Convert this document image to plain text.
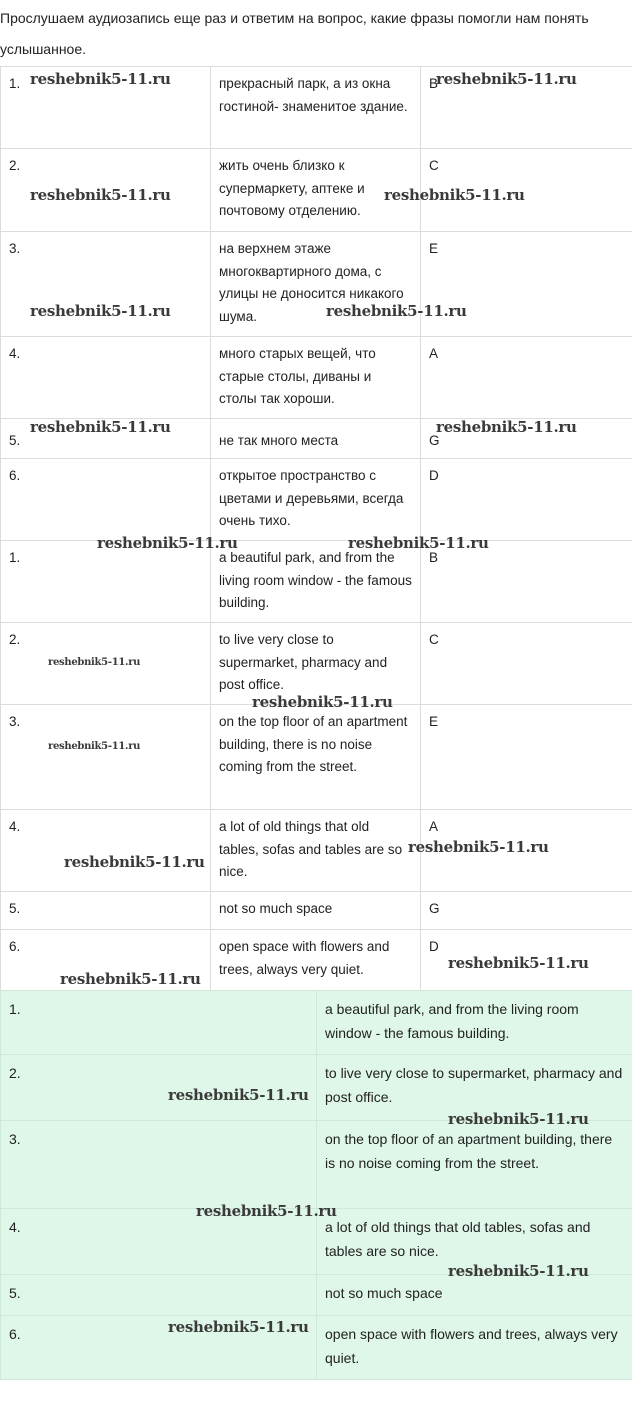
Прослушаем аудиозапись еще раз и ответим на вопрос, какие фразы помогли нам понять услышанное.
1.	прекрасный парк, а из окна гостиной- знаменитое здание.	B
2.	жить очень близко к супермаркету, аптеке и почтовому отделению.	C
3.	на верхнем этаже многоквартирного дома, с улицы не доносится никакого шума.	E
4.	много старых вещей, что старые столы, диваны и столы так хороши.	A
5.	не так много места	G
6.	открытое пространство с цветами и деревьями, всегда очень тихо.	D
1.	a beautiful park, and from the living room window - the famous building.	B
2.	to live very close to supermarket, pharmacy and post office.	C
3.	on the top floor of an apartment building, there is no noise coming from the street.	E
4.	a lot of old things that old tables, sofas and tables are so nice.	A
5.	not so much space	G
6.	open space with flowers and trees, always very quiet.	D
1.	a beautiful park, and from the living room window - the famous building.
2.	to live very close to supermarket, pharmacy and post office.
3.	on the top floor of an apartment building, there is no noise coming from the street.
4.	a lot of old things that old tables, sofas and tables are so nice.
5.	not so much space
6.	open space with flowers and trees, always very quiet.
reshebnik5-11.ru	reshebnik5-11.ru
reshebnik5-11.ru	reshebnik5-11.ru
reshebnik5-11.ru	reshebnik5-11.ru
reshebnik5-11.ru	reshebnik5-11.ru
reshebnik5-11.ru	reshebnik5-11.ru
reshebnik5-11.ru
reshebnik5-11.ru
reshebnik5-11.ru
reshebnik5-11.ru
reshebnik5-11.ru
reshebnik5-11.ru
reshebnik5-11.ru
reshebnik5-11.ru
reshebnik5-11.ru
reshebnik5-11.ru
reshebnik5-11.ru
reshebnik5-11.ru
